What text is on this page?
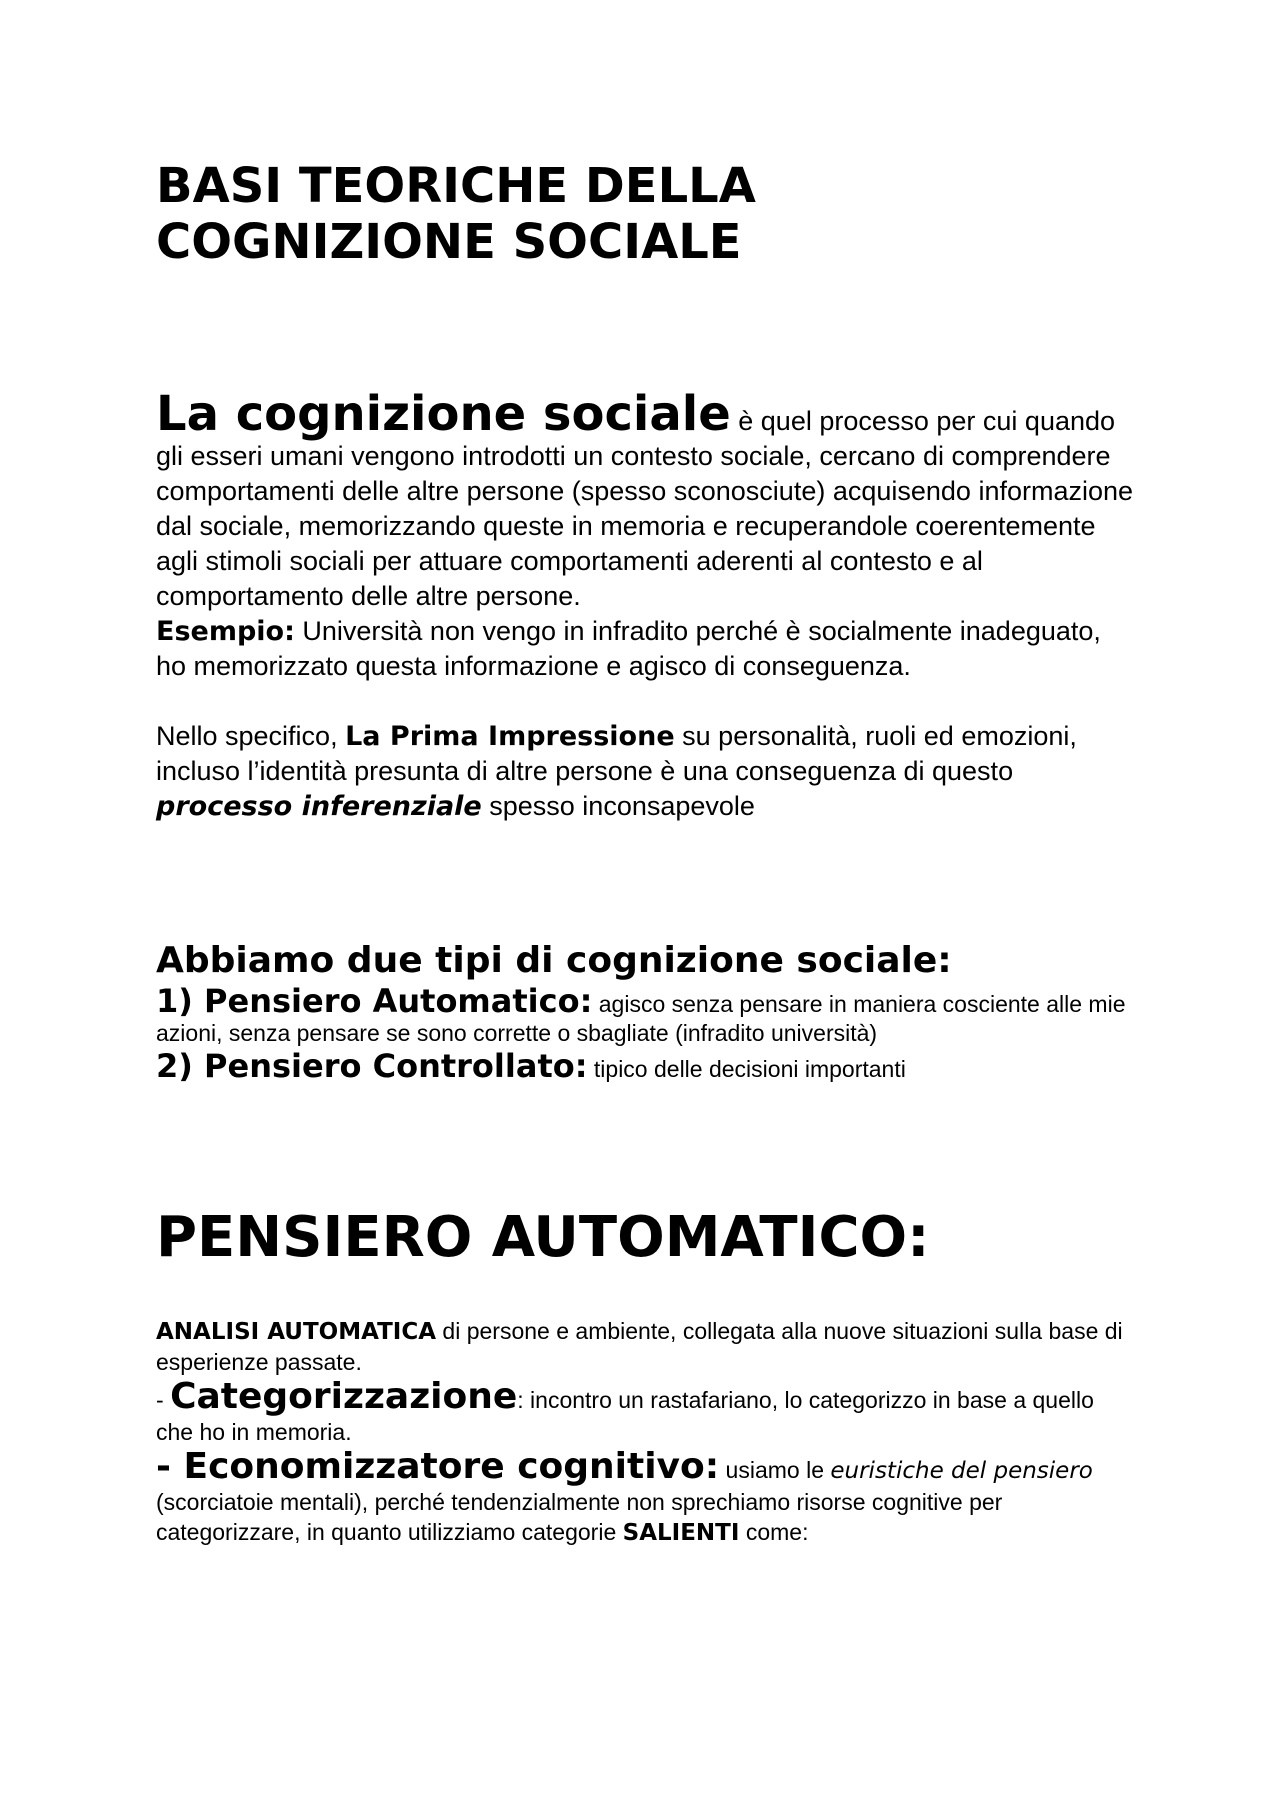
BASI TEORICHE DELLA
COGNIZIONE SOCIALE

La cognizione sociale è quel processo per cui quando gli esseri umani vengono introdotti un contesto sociale, cercano di comprendere comportamenti delle altre persone (spesso sconosciute) acquisendo informazione dal sociale, memorizzando queste in memoria e recuperandole coerentemente agli stimoli sociali per attuare comportamenti aderenti al contesto e al comportamento delle altre persone.

Esempio: Università non vengo in infradito perché è socialmente inadeguato, ho memorizzato questa informazione e agisco di conseguenza.

Nello specifico, La Prima Impressione su personalità, ruoli ed emozioni, incluso l’identità presunta di altre persone è una conseguenza di questo processo inferenziale spesso inconsapevole

Abbiamo due tipi di cognizione sociale:

1) Pensiero Automatico: agisco senza pensare in maniera cosciente alle mie azioni, senza pensare se sono corrette o sbagliate (infradito università)

2) Pensiero Controllato: tipico delle decisioni importanti

PENSIERO AUTOMATICO:

ANALISI AUTOMATICA di persone e ambiente, collegata alla nuove situazioni sulla base di esperienze passate.

- Categorizzazione: incontro un rastafariano, lo categorizzo in base a quello che ho in memoria.

- Economizzatore cognitivo: usiamo le euristiche del pensiero (scorciatoie mentali), perché tendenzialmente non sprechiamo risorse cognitive per categorizzare, in quanto utilizziamo categorie SALIENTI come:
